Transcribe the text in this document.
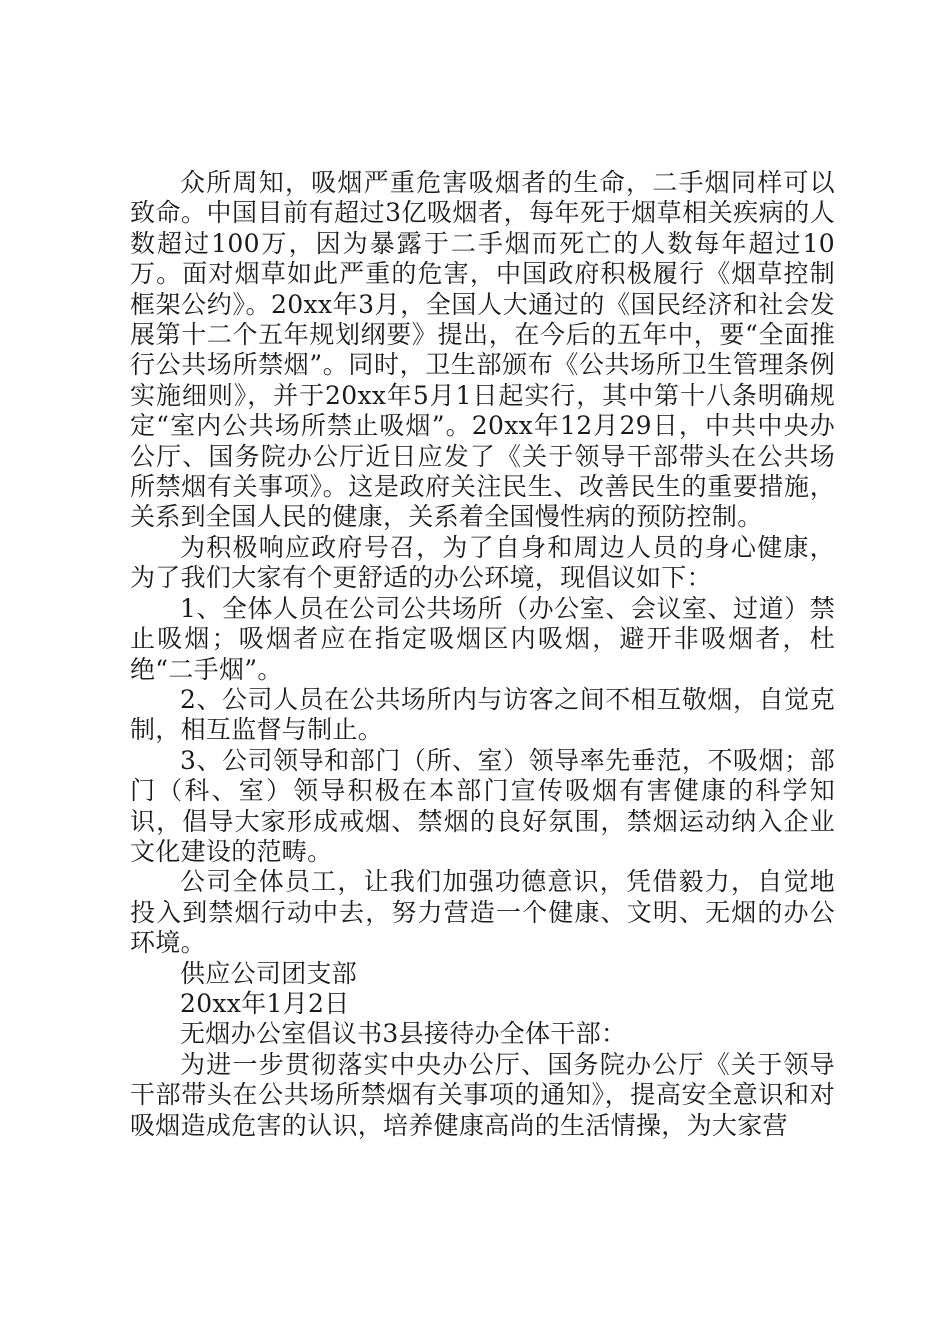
众所周知，吸烟严重危害吸烟者的生命，二手烟同样可以致命。中国目前有超过3亿吸烟者，每年死于烟草相关疾病的人数超过100万，因为暴露于二手烟而死亡的人数每年超过10万。面对烟草如此严重的危害，中国政府积极履行《烟草控制框架公约》。20xx年3月，全国人大通过的《国民经济和社会发展第十二个五年规划纲要》提出，在今后的五年中，要“全面推行公共场所禁烟”。同时，卫生部颁布《公共场所卫生管理条例实施细则》，并于20xx年5月1日起实行，其中第十八条明确规定“室内公共场所禁止吸烟”。20xx年12月29日，中共中央办公厅、国务院办公厅近日应发了《关于领导干部带头在公共场所禁烟有关事项》。这是政府关注民生、改善民生的重要措施，关系到全国人民的健康，关系着全国慢性病的预防控制。

为积极响应政府号召，为了自身和周边人员的身心健康，为了我们大家有个更舒适的办公环境，现倡议如下：

1、全体人员在公司公共场所（办公室、会议室、过道）禁止吸烟；吸烟者应在指定吸烟区内吸烟，避开非吸烟者，杜绝“二手烟”。

2、公司人员在公共场所内与访客之间不相互敬烟，自觉克制，相互监督与制止。

3、公司领导和部门（所、室）领导率先垂范，不吸烟；部门（科、室）领导积极在本部门宣传吸烟有害健康的科学知识，倡导大家形成戒烟、禁烟的良好氛围，禁烟运动纳入企业文化建设的范畴。

公司全体员工，让我们加强功德意识，凭借毅力，自觉地投入到禁烟行动中去，努力营造一个健康、文明、无烟的办公环境。

供应公司团支部

20xx年1月2日

无烟办公室倡议书3县接待办全体干部：

为进一步贯彻落实中央办公厅、国务院办公厅《关于领导干部带头在公共场所禁烟有关事项的通知》，提高安全意识和对吸烟造成危害的认识，培养健康高尚的生活情操，为大家营
